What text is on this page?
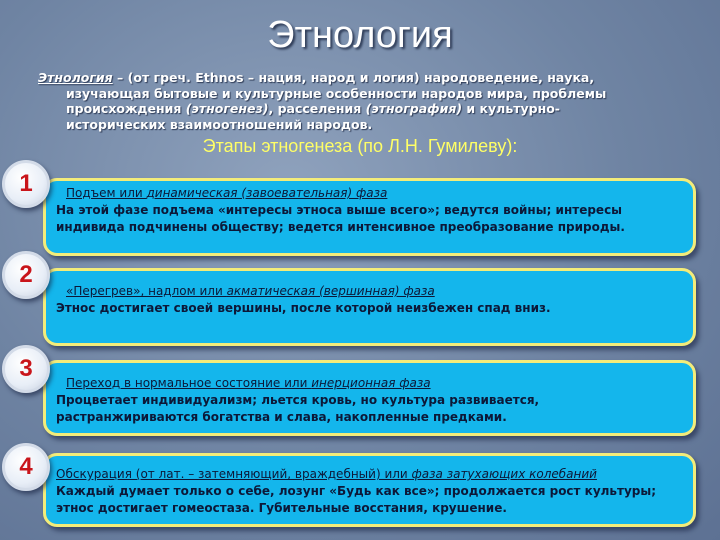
Этнология
Этнология – (от греч. Ethnos – нация, народ и логия) народоведение, наука,
изучающая бытовые и культурные особенности народов мира, проблемы
происхождения (этногенез), расселения (этнография) и культурно-
исторических взаимоотношений народов.
Этапы этногенеза (по Л.Н. Гумилеву):
Подъем или динамическая (завоевательная) фаза
На этой фазе подъема «интересы этноса выше всего»; ведутся войны; интересы индивида подчинены обществу; ведется интенсивное преобразование природы.
1
«Перегрев», надлом или акматическая (вершинная) фаза
Этнос достигает своей вершины, после которой неизбежен спад вниз.
2
Переход в нормальное состояние или инерционная фаза
Процветает индивидуализм; льется кровь, но культура развивается, растранжириваются богатства и слава, накопленные предками.
3
Обскурация (от лат. – затемняющий, враждебный) или фаза затухающих колебаний
Каждый думает только о себе, лозунг «Будь как все»; продолжается рост культуры; этнос достигает гомеостаза. Губительные восстания, крушение.
4
